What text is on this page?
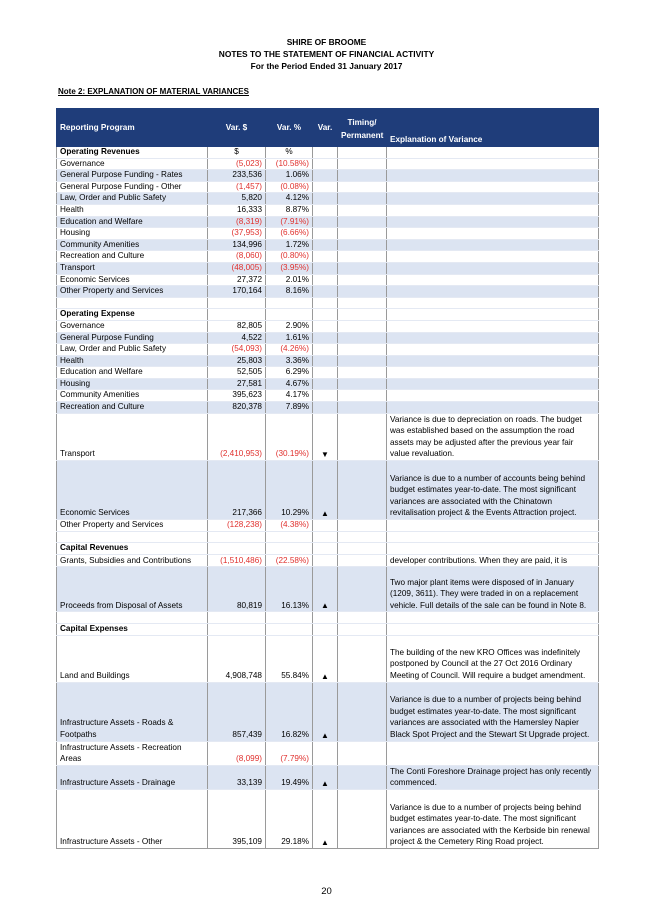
SHIRE OF BROOME
NOTES TO THE STATEMENT OF FINANCIAL ACTIVITY
For the Period Ended 31 January 2017
Note 2: EXPLANATION OF MATERIAL VARIANCES
Reporting Program	Var. $	Var. %	Var.	Timing/ Permanent	Explanation of Variance
Operating Revenues	$	%			
Governance	(5,023)	(10.58%)			
General Purpose Funding - Rates	233,536	1.06%			
General Purpose Funding - Other	(1,457)	(0.08%)			
Law, Order and Public Safety	5,820	4.12%			
Health	16,333	8.87%			
Education and Welfare	(8,319)	(7.91%)			
Housing	(37,953)	(6.66%)			
Community Amenities	134,996	1.72%			
Recreation and Culture	(8,060)	(0.80%)			
Transport	(48,005)	(3.95%)			
Economic Services	27,372	2.01%			
Other Property and Services	170,164	8.16%			

Operating Expense					
Governance	82,805	2.90%			
General Purpose Funding	4,522	1.61%			
Law, Order and Public Safety	(54,093)	(4.26%)			
Health	25,803	3.36%			
Education and Welfare	52,505	6.29%			
Housing	27,581	4.67%			
Community Amenities	395,623	4.17%			
Recreation and Culture	820,378	7.89%			
Transport	(2,410,953)	(30.19%)	▼		Variance is due to depreciation on roads. The budget was established based on the assumption the road assets may be adjusted after the previous year fair value revaluation.
Economic Services	217,366	10.29%	▲		Variance is due to a number of accounts being behind budget estimates year-to-date. The most significant variances are associated with the Chinatown revitalisation project & the Events Attraction project.
Other Property and Services	(128,238)	(4.38%)			

Capital Revenues					
Grants, Subsidies and Contributions	(1,510,486)	(22.58%)			developer contributions. When they are paid, it is
Proceeds from Disposal of Assets	80,819	16.13%	▲		Two major plant items were disposed of in January (1209, 3611). They were traded in on a replacement vehicle. Full details of the sale can be found in Note 8.

Capital Expenses					
Land and Buildings	4,908,748	55.84%	▲		The building of the new KRO Offices was indefinitely postponed by Council at the 27 Oct 2016 Ordinary Meeting of Council. Will require a budget amendment.
Infrastructure Assets - Roads & Footpaths	857,439	16.82%	▲		Variance is due to a number of projects being behind budget estimates year-to-date. The most significant variances are associated with the Hamersley Napier Black Spot Project and the Stewart St Upgrade project.
Infrastructure Assets - Recreation Areas	(8,099)	(7.79%)			
Infrastructure Assets - Drainage	33,139	19.49%	▲		The Conti Foreshore Drainage project has only recently commenced.
Infrastructure Assets - Other	395,109	29.18%	▲		Variance is due to a number of projects being behind budget estimates year-to-date. The most significant variances are associated with the Kerbside bin renewal project & the Cemetery Ring Road project.
20
